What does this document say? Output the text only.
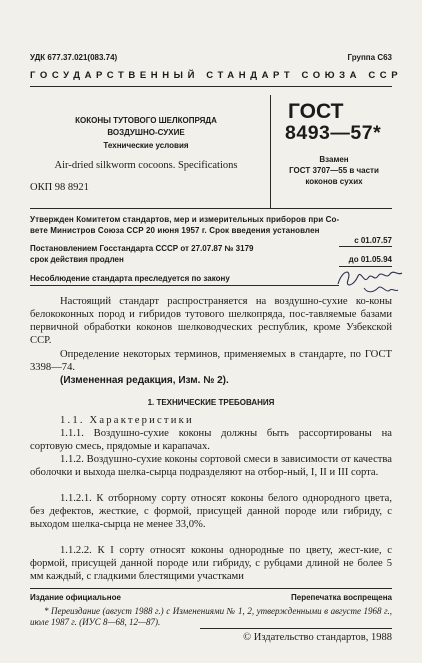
УДК 677.37.021(083.74)	Группа С63
ГОСУДАРСТВЕННЫЙ СТАНДАРТ СОЮЗА ССР
КОКОНЫ ТУТОВОГО ШЕЛКОПРЯДА
ВОЗДУШНО-СУХИЕ
Технические условия
Air-dried silkworm cocoons. Specifications
ОКП 98 8921
ГОСТ
8493—57*
Взамен
ГОСТ 3707—55 в части
коконов сухих
Утвержден Комитетом стандартов, мер и измерительных приборов при Со-
вете Министров Союза ССР 20 июня 1957 г. Срок введения установлен
с 01.07.57
Постановлением Госстандарта СССР от 27.07.87 № 3179
срок действия продлен	до 01.05.94
Несоблюдение стандарта преследуется по закону
Настоящий стандарт распространяется на воздушно-сухие ко-коны белококонных пород и гибридов тутового шелкопряда, пос-тавляемые базами первичной обработки коконов шелководческих республик, кроме Узбекской ССР.
Определение некоторых терминов, применяемых в стандарте, по ГОСТ 3398—74.
(Измененная редакция, Изм. № 2).
1. ТЕХНИЧЕСКИЕ ТРЕБОВАНИЯ
1.1. Характеристики
1.1.1. Воздушно-сухие коконы должны быть рассортированы на сортовую смесь, прядомые и карапачах.
1.1.2. Воздушно-сухие коконы сортовой смеси в зависимости от качества оболочки и выхода шелка-сырца подразделяют на отбор-ный, I, II и III сорта.
1.1.2.1. К отборному сорту относят коконы белого однородного цвета, без дефектов, жесткие, с формой, присущей данной породе или гибриду, с выходом шелка-сырца не менее 33,0%.
1.1.2.2. К I сорту относят коконы однородные по цвету, жест-кие, с формой, присущей данной породе или гибриду, с рубцами длиной не более 5 мм каждый, с гладкими блестящими участками
Издание официальное	Перепечатка воспрещена
* Переиздание (август 1988 г.) с Изменениями № 1, 2, утвержденными в августе 1968 г., июле 1987 г. (ИУС 8—68, 12—87).
© Издательство стандартов, 1988
